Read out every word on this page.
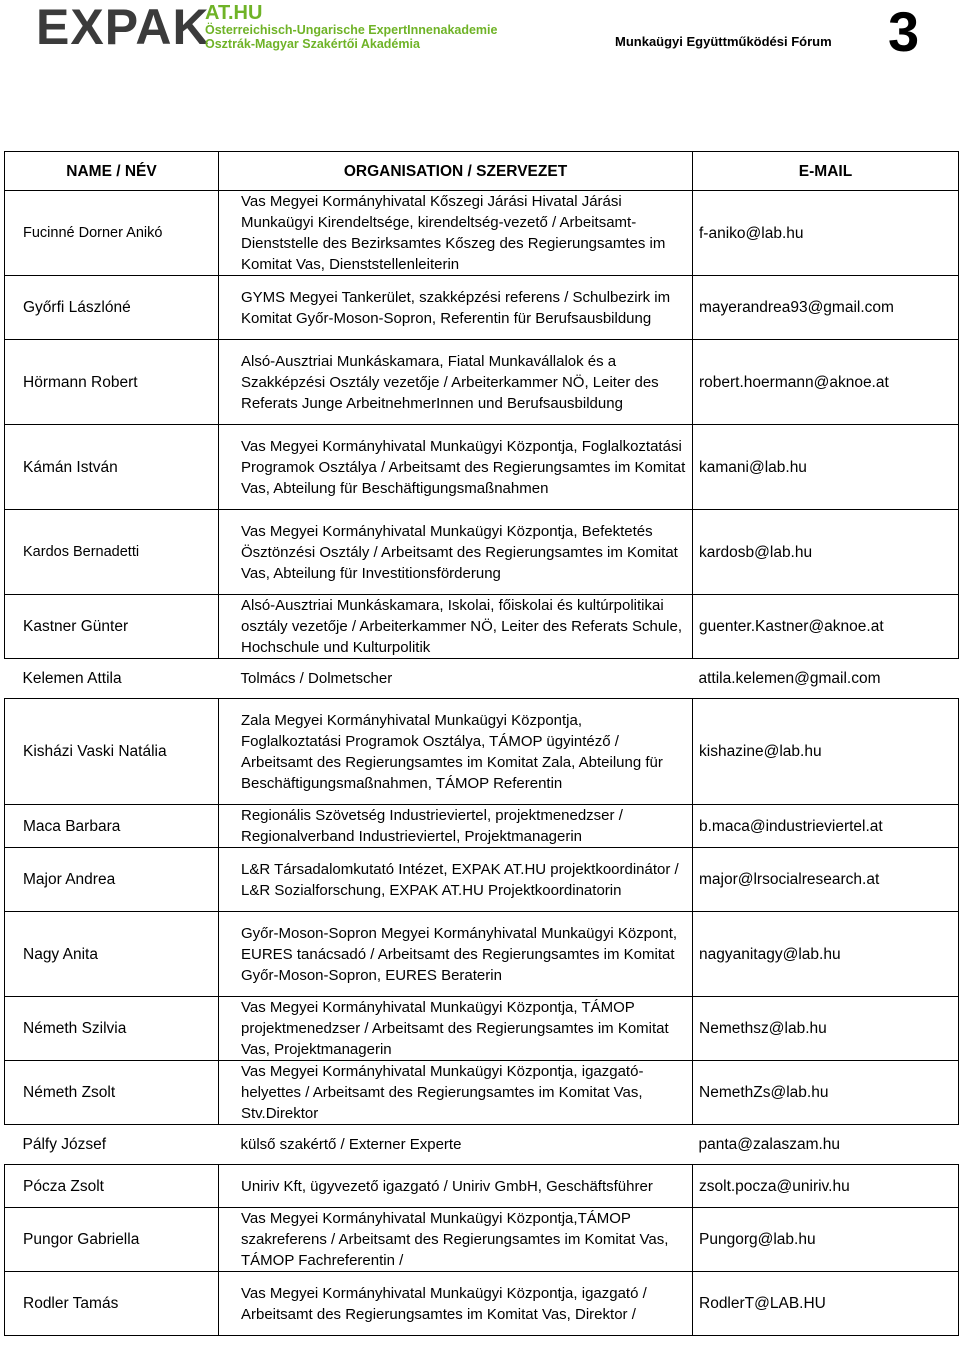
EXPAK
AT.HU
Österreichisch-Ungarische ExpertInnenakademie
Osztrák-Magyar Szakértői Akadémia	Munkaügyi Együttműködési Fórum 3
NAME / NÉV	ORGANISATION / SZERVEZET	E-MAIL
Fucinné Dorner Anikó	Vas Megyei Kormányhivatal Kőszegi Járási Hivatal Járási Munkaügyi Kirendeltsége, kirendeltség-vezető / Arbeitsamt-Dienststelle des Bezirksamtes Kőszeg des Regierungsamtes im Komitat Vas, Dienststellenleiterin	f-aniko@lab.hu
Győrfi Lászlóné	GYMS Megyei Tankerület, szakképzési referens / Schulbezirk im Komitat Győr-Moson-Sopron, Referentin für Berufsausbildung	mayerandrea93@gmail.com
Hörmann Robert	Alsó-Ausztriai Munkáskamara, Fiatal Munkavállalok és a Szakképzési Osztály vezetője / Arbeiterkammer NÖ, Leiter des Referats Junge ArbeitnehmerInnen und Berufsausbildung	robert.hoermann@aknoe.at
Kámán István	Vas Megyei Kormányhivatal Munkaügyi Központja, Foglalkoztatási Programok Osztálya / Arbeitsamt des Regierungsamtes im Komitat Vas, Abteilung für Beschäftigungsmaßnahmen	kamani@lab.hu
Kardos Bernadetti	Vas Megyei Kormányhivatal Munkaügyi Központja, Befektetés Ösztönzési Osztály / Arbeitsamt des Regierungsamtes im Komitat Vas, Abteilung für Investitionsförderung	kardosb@lab.hu
Kastner Günter	Alsó-Ausztriai Munkáskamara, Iskolai, főiskolai és kultúrpolitikai osztály vezetője / Arbeiterkammer NÖ, Leiter des Referats Schule, Hochschule und Kulturpolitik	guenter.Kastner@aknoe.at
Kelemen Attila	Tolmács / Dolmetscher	attila.kelemen@gmail.com
Kisházi Vaski Natália	Zala Megyei Kormányhivatal Munkaügyi Központja, Foglalkoztatási Programok Osztálya, TÁMOP ügyintéző / Arbeitsamt des Regierungsamtes im Komitat Zala, Abteilung für Beschäftigungsmaßnahmen, TÁMOP Referentin	kishazine@lab.hu
Maca Barbara	Regionális Szövetség Industrieviertel, projektmenedzser / Regionalverband Industrieviertel, Projektmanagerin	b.maca@industrieviertel.at
Major Andrea	L&R Társadalomkutató Intézet, EXPAK AT.HU projektkoordinátor / L&R Sozialforschung, EXPAK AT.HU Projektkoordinatorin	major@lrsocialresearch.at
Nagy Anita	Győr-Moson-Sopron Megyei Kormányhivatal Munkaügyi Központ, EURES tanácsadó / Arbeitsamt des Regierungsamtes im Komitat Győr-Moson-Sopron, EURES Beraterin	nagyanitagy@lab.hu
Németh Szilvia	Vas Megyei Kormányhivatal Munkaügyi Központja, TÁMOP projektmenedzser / Arbeitsamt des Regierungsamtes im Komitat Vas, Projektmanagerin	Nemethsz@lab.hu
Németh Zsolt	Vas Megyei Kormányhivatal Munkaügyi Központja, igazgató-helyettes / Arbeitsamt des Regierungsamtes im Komitat Vas, Stv.Direktor	NemethZs@lab.hu
Pálfy József	külső szakértő / Externer Experte	panta@zalaszam.hu
Pócza Zsolt	Uniriv Kft, ügyvezető igazgató / Uniriv GmbH, Geschäftsführer	zsolt.pocza@uniriv.hu
Pungor Gabriella	Vas Megyei Kormányhivatal Munkaügyi Központja,TÁMOP szakreferens / Arbeitsamt des Regierungsamtes im Komitat Vas, TÁMOP Fachreferentin /	Pungorg@lab.hu
Rodler Tamás	Vas Megyei Kormányhivatal Munkaügyi Központja, igazgató / Arbeitsamt des Regierungsamtes im Komitat Vas, Direktor /	RodlerT@LAB.HU
